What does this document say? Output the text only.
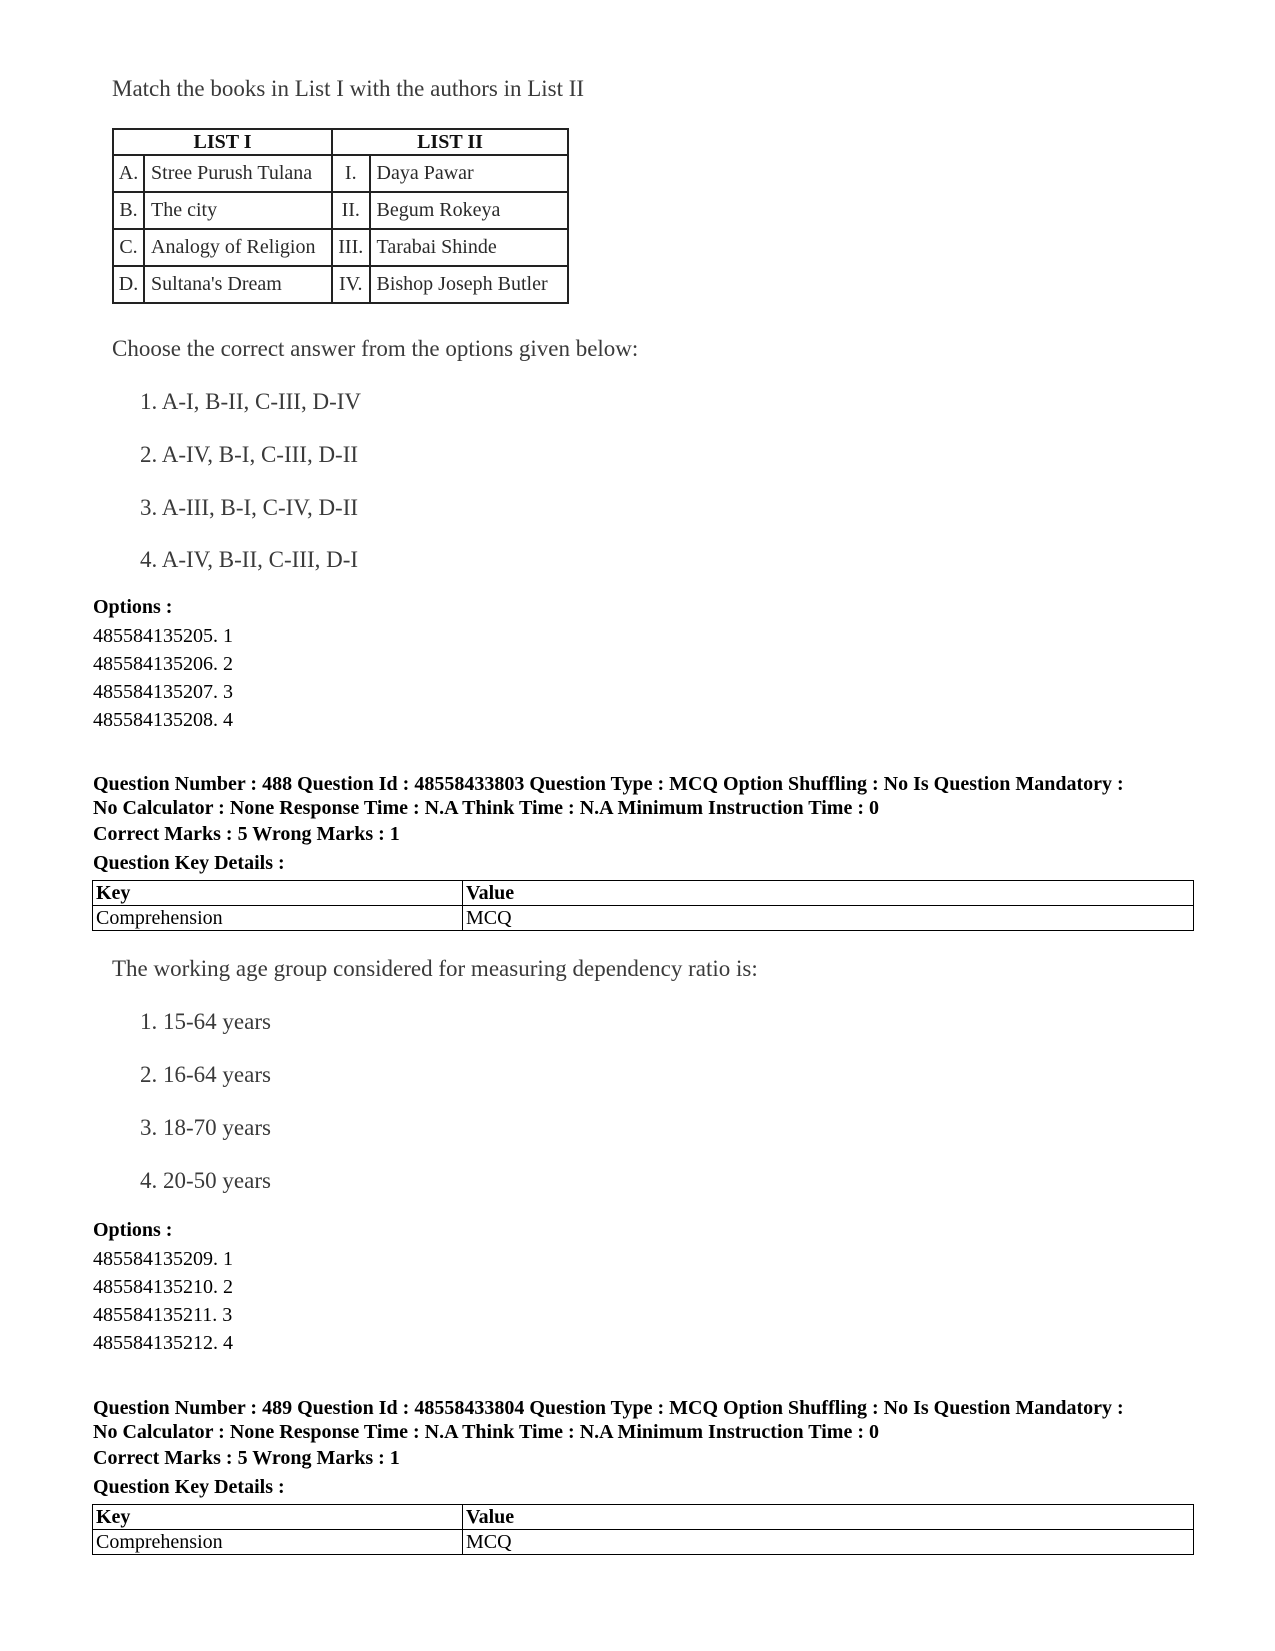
Match the books in List I with the authors in List II
LIST I		LIST II	
A.	Stree Purush Tulana	I.	Daya Pawar
B.	The city	II.	Begum Rokeya
C.	Analogy of Religion	III.	Tarabai Shinde
D.	Sultana's Dream	IV.	Bishop Joseph Butler
Choose the correct answer from the options given below:
1. A-I, B-II, C-III, D-IV
2. A-IV, B-I, C-III, D-II
3. A-III, B-I, C-IV, D-II
4. A-IV, B-II, C-III, D-I
Options :
485584135205. 1
485584135206. 2
485584135207. 3
485584135208. 4
Question Number : 488 Question Id : 48558433803 Question Type : MCQ Option Shuffling : No Is Question Mandatory :
No Calculator : None Response Time : N.A Think Time : N.A Minimum Instruction Time : 0
Correct Marks : 5 Wrong Marks : 1
Question Key Details :
Key	Value
Comprehension	MCQ
The working age group considered for measuring dependency ratio is:
1. 15-64 years
2. 16-64 years
3. 18-70 years
4. 20-50 years
Options :
485584135209. 1
485584135210. 2
485584135211. 3
485584135212. 4
Question Number : 489 Question Id : 48558433804 Question Type : MCQ Option Shuffling : No Is Question Mandatory :
No Calculator : None Response Time : N.A Think Time : N.A Minimum Instruction Time : 0
Correct Marks : 5 Wrong Marks : 1
Question Key Details :
Key	Value
Comprehension	MCQ
